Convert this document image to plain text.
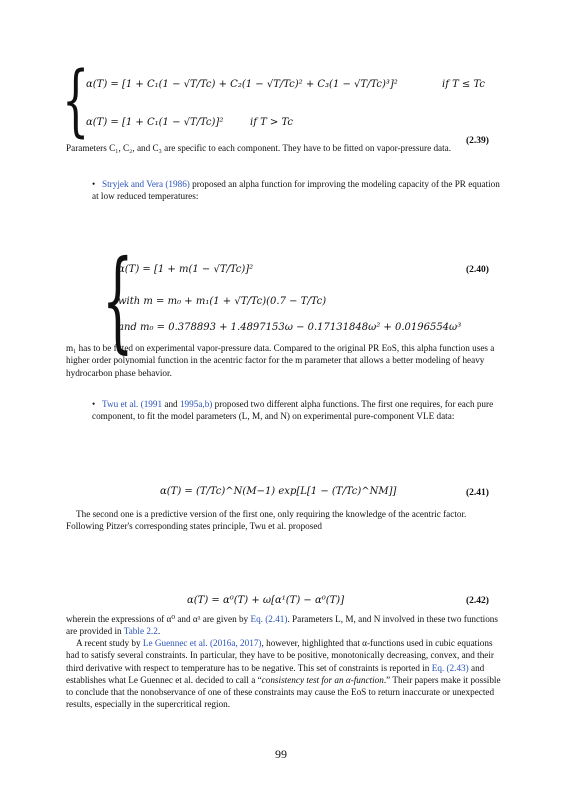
{
α(T) = [1 + C₁(1 − √T/Tc) + C₂(1 − √T/Tc)² + C₃(1 − √T/Tc)³]²	if T ≤ Tc
α(T) = [1 + C₁(1 − √T/Tc)]²	if T > Tc
(2.39)
Parameters C₁, C₂, and C₃ are specific to each component. They have to be fitted on vapor-pressure data.
• Stryjek and Vera (1986) proposed an alpha function for improving the modeling capacity of the PR equation at low reduced temperatures:
{
α(T) = [1 + m(1 − √T/Tc)]²	(2.40)
with m = m₀ + m₁(1 + √T/Tc)(0.7 − T/Tc)
and m₀ = 0.378893 + 1.4897153ω − 0.17131848ω² + 0.0196554ω³
m₁ has to be fitted on experimental vapor-pressure data. Compared to the original PR EoS, this alpha function uses a higher order polynomial function in the acentric factor for the m parameter that allows a better modeling of heavy hydrocarbon phase behavior.
• Twu et al. (1991 and 1995a,b) proposed two different alpha functions. The first one requires, for each pure component, to fit the model parameters (L, M, and N) on experimental pure-component VLE data:
α(T) = (T/Tc)^N(M−1) exp[L[1 − (T/Tc)^NM]]	(2.41)
The second one is a predictive version of the first one, only requiring the knowledge of the acentric factor. Following Pitzer's corresponding states principle, Twu et al. proposed
α(T) = α⁰(T) + ω[α¹(T) − α⁰(T)]	(2.42)
wherein the expressions of α⁰ and α¹ are given by Eq. (2.41). Parameters L, M, and N involved in these two functions are provided in Table 2.2.
A recent study by Le Guennec et al. (2016a, 2017), however, highlighted that α-functions used in cubic equations had to satisfy several constraints. In particular, they have to be positive, monotonically decreasing, convex, and their third derivative with respect to temperature has to be negative. This set of constraints is reported in Eq. (2.43) and establishes what Le Guennec et al. decided to call a “consistency test for an α-function.” Their papers make it possible to conclude that the nonobservance of one of these constraints may cause the EoS to return inaccurate or unexpected results, especially in the supercritical region.
99
